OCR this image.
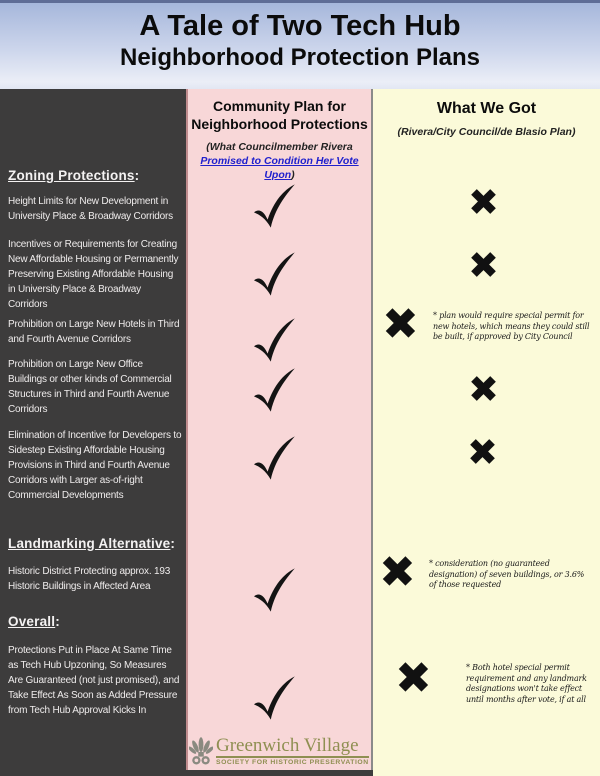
A Tale of Two Tech Hub
Neighborhood Protection Plans
Zoning Protections:
Height Limits for New Development in University Place & Broadway Corridors
Incentives or Requirements for Creating New Affordable Housing or Permanently Preserving Existing Affordable Housing in University Place & Broadway Corridors
Prohibition on Large New Hotels in Third and Fourth Avenue Corridors
Prohibition on Large New Office Buildings or other kinds of Commercial Structures in Third and Fourth Avenue Corridors
Elimination of Incentive for Developers to Sidestep Existing Affordable Housing Provisions in Third and Fourth Avenue Corridors with Larger as-of-right Commercial Developments
Landmarking Alternative:
Historic District Protecting approx. 193 Historic Buildings in Affected Area
Overall:
Protections Put in Place At Same Time as Tech Hub Upzoning, So Measures Are Guaranteed (not just promised), and Take Effect As Soon as Added Pressure from Tech Hub Approval Kicks In
Community Plan for
Neighborhood Protections
(What Councilmember Rivera
Promised to Condition Her Vote Upon)
What We Got
(Rivera/City Council/de Blasio Plan)
✖
✖
✖
✖
✖
✖
✖
* plan would require special permit for new hotels, which means they could still be built, if approved by City Council
* consideration (no guaranteed designation) of seven buildings, or 3.6% of those requested
* Both hotel special permit requirement and any landmark designations won't take effect until months after vote, if at all
Greenwich Village
SOCIETY FOR HISTORIC PRESERVATION
